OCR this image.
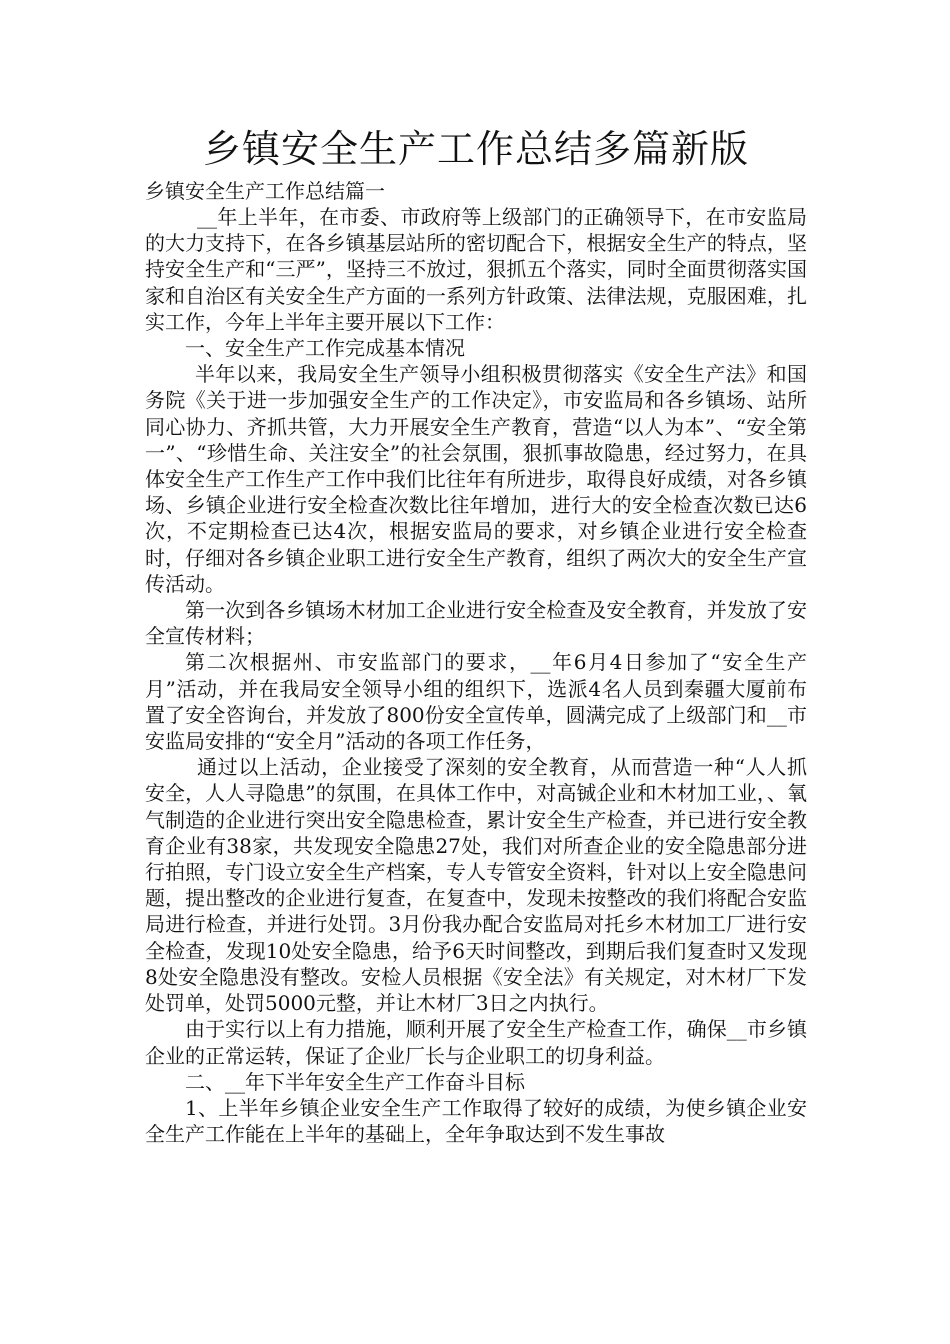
乡镇安全生产工作总结多篇新版

乡镇安全生产工作总结篇一

__年上半年，在市委、市政府等上级部门的正确领导下，在市安监局的大力支持下，在各乡镇基层站所的密切配合下，根据安全生产的特点，坚持安全生产和“三严”，坚持三不放过，狠抓五个落实，同时全面贯彻落实国家和自治区有关安全生产方面的一系列方针政策、法律法规，克服困难，扎实工作，今年上半年主要开展以下工作：

一、安全生产工作完成基本情况

半年以来，我局安全生产领导小组积极贯彻落实《安全生产法》和国务院《关于进一步加强安全生产的工作决定》，市安监局和各乡镇场、站所同心协力、齐抓共管，大力开展安全生产教育，营造“以人为本”、“安全第一”、“珍惜生命、关注安全”的社会氛围，狠抓事故隐患，经过努力，在具体安全生产工作生产工作中我们比往年有所进步，取得良好成绩，对各乡镇场、乡镇企业进行安全检查次数比往年增加，进行大的安全检查次数已达6次，不定期检查已达4次，根据安监局的要求，对乡镇企业进行安全检查时，仔细对各乡镇企业职工进行安全生产教育，组织了两次大的安全生产宣传活动。

第一次到各乡镇场木材加工企业进行安全检查及安全教育，并发放了安全宣传材料；

第二次根据州、市安监部门的要求，__年6月4日参加了“安全生产月”活动，并在我局安全领导小组的组织下，选派4名人员到秦疆大厦前布置了安全咨询台，并发放了800份安全宣传单，圆满完成了上级部门和__市安监局安排的“安全月”活动的各项工作任务，

通过以上活动，企业接受了深刻的安全教育，从而营造一种“人人抓安全，人人寻隐患”的氛围，在具体工作中，对高铖企业和木材加工业，、氧气制造的企业进行突出安全隐患检查，累计安全生产检查，并已进行安全教育企业有38家，共发现安全隐患27处，我们对所查企业的安全隐患部分进行拍照，专门设立安全生产档案，专人专管安全资料，针对以上安全隐患问题，提出整改的企业进行复查，在复查中，发现未按整改的我们将配合安监局进行检查，并进行处罚。3月份我办配合安监局对托乡木材加工厂进行安全检查，发现10处安全隐患，给予6天时间整改，到期后我们复查时又发现8处安全隐患没有整改。安检人员根据《安全法》有关规定，对木材厂下发处罚单，处罚5000元整，并让木材厂3日之内执行。

由于实行以上有力措施，顺利开展了安全生产检查工作，确保__市乡镇企业的正常运转，保证了企业厂长与企业职工的切身利益。

二、__年下半年安全生产工作奋斗目标

1、上半年乡镇企业安全生产工作取得了较好的成绩，为使乡镇企业安全生产工作能在上半年的基础上，全年争取达到不发生事故
